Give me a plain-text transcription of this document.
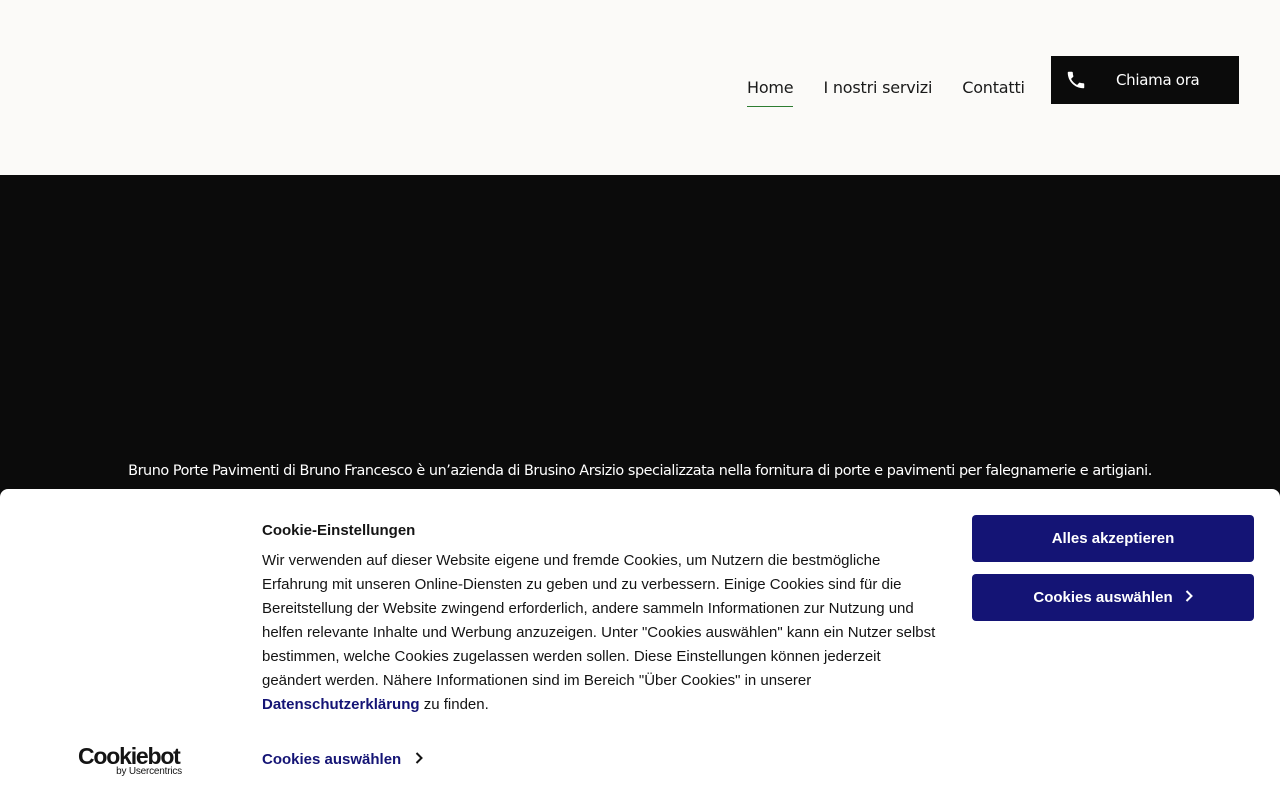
Home I nostri servizi Contatti	Chiama ora

Bruno Porte Pavimenti di Bruno Francesco è un’azienda di Brusino Arsizio specializzata nella fornitura di porte e pavimenti per falegnamerie e artigiani.

Cookie-Einstellungen

Wir verwenden auf dieser Website eigene und fremde Cookies, um Nutzern die bestmögliche Erfahrung mit unseren Online-Diensten zu geben und zu verbessern. Einige Cookies sind für die Bereitstellung der Website zwingend erforderlich, andere sammeln Informationen zur Nutzung und helfen relevante Inhalte und Werbung anzuzeigen. Unter "Cookies auswählen" kann ein Nutzer selbst bestimmen, welche Cookies zugelassen werden sollen. Diese Einstellungen können jederzeit geändert werden. Nähere Informationen sind im Bereich "Über Cookies" in unserer Datenschutzerklärung zu finden.

Alles akzeptieren
Cookies auswählen
Cookiebot
by Usercentrics
Cookies auswählen
